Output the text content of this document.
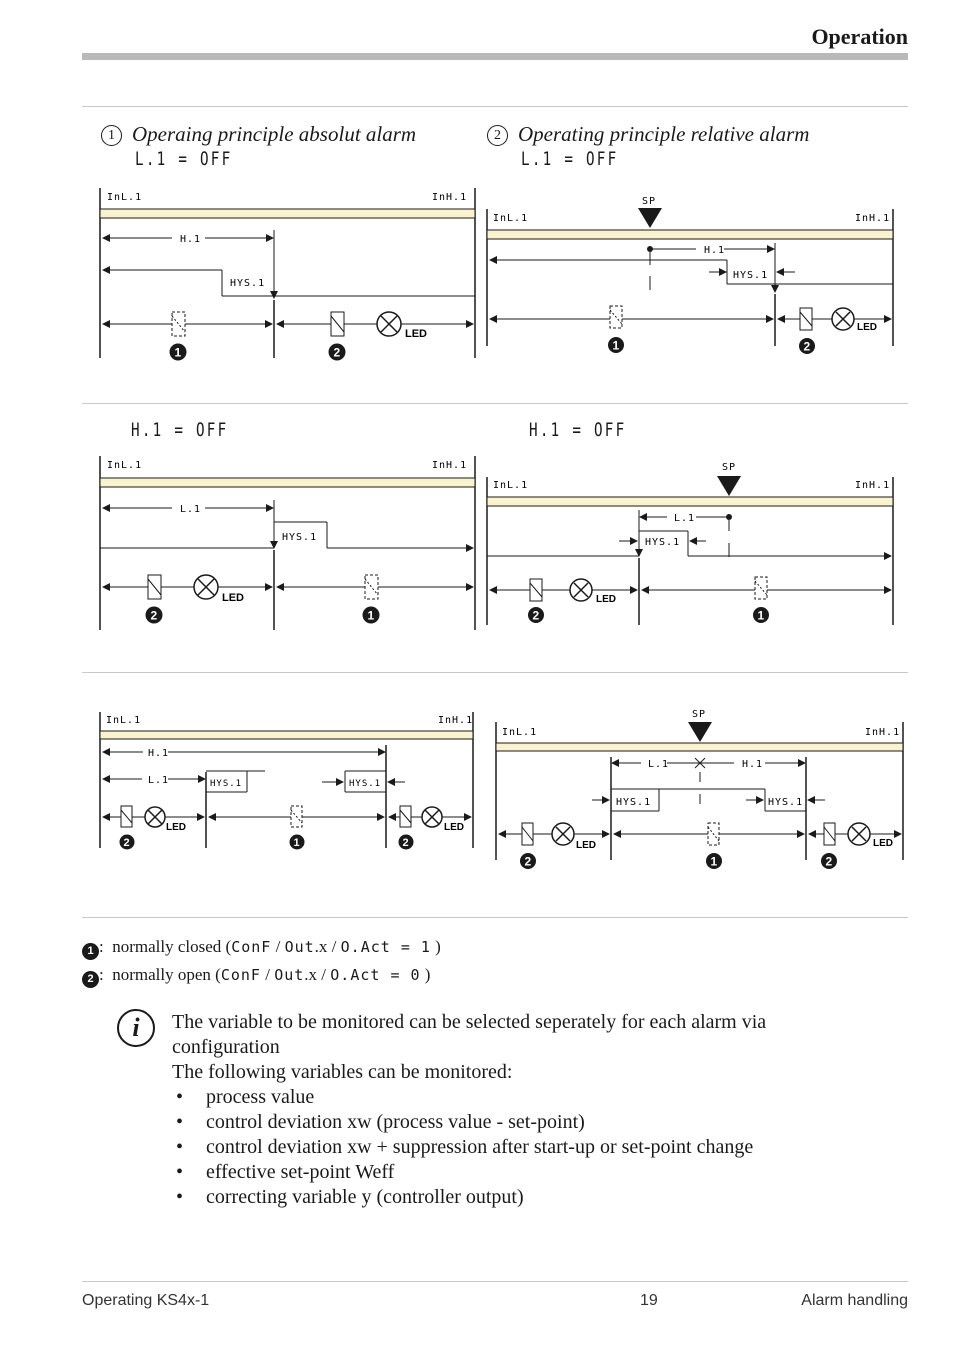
Operation
1 Operaing principle absolut alarm
L.1 = OFF
2 Operating principle relative alarm
L.1 = OFF
H.1 = OFF	H.1 = OFF
InL.1	InH.1
H.1
HYS.1
LED
1	2
InL.1	InH.1
SP
H.1
HYS.1
LED
1	2
InL.1	InH.1
L.1
HYS.1
LED
2	1
InL.1	InH.1
SP
L.1
HYS.1
LED
2	1
InL.1	InH.1
H.1
L.1	HYS.1	HYS.1
LED	LED
2	1	2
InL.1	InH.1
SP
L.1	H.1
HYS.1	HYS.1
LED	LED
2	1	2
1 :  normally closed (ConF / Out.x / O.Act = 1 )
2 :  normally open (ConF / Out.x / O.Act = 0 )
i	The variable to be monitored can be selected seperately for each alarm via configuration
The following variables can be monitored:
• process value
• control deviation xw (process value - set-point)
• control deviation xw + suppression after start-up or set-point change
• effective set-point Weff
• correcting variable y (controller output)
Operating KS4x-1	19	Alarm handling
